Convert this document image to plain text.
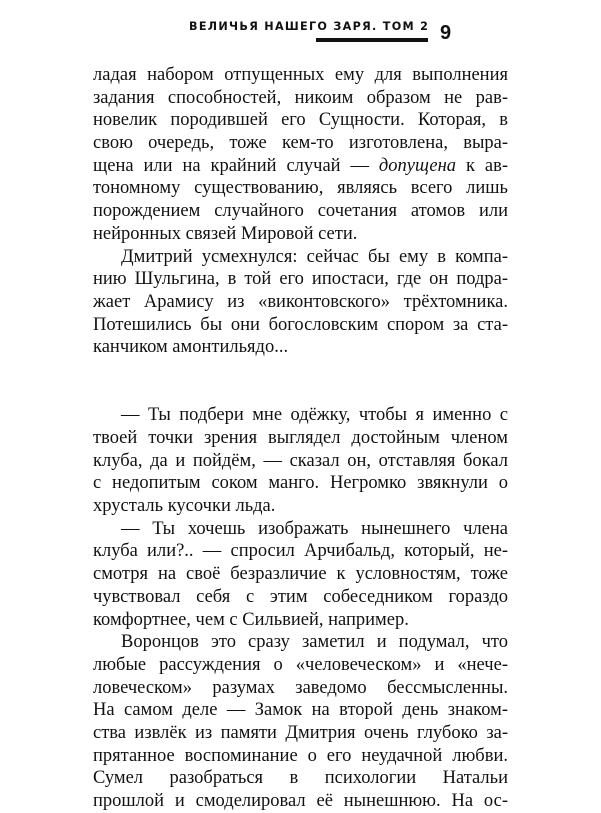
ВЕЛИЧЬЯ НАШЕГО ЗАРЯ. ТОМ 2 9
ладая набором отпущенных ему для выполнения
задания способностей, никоим образом не рав-
новелик породившей его Сущности. Которая, в
свою очередь, тоже кем-то изготовлена, выра-
щена или на крайний случай — допущена к ав-
тономному существованию, являясь всего лишь
порождением случайного сочетания атомов или
нейронных связей Мировой сети.
Дмитрий усмехнулся: сейчас бы ему в компа-
нию Шульгина, в той его ипостаси, где он подра-
жает Арамису из «виконтовского» трёхтомника.
Потешились бы они богословским спором за ста-
канчиком амонтильядо...
— Ты подбери мне одёжку, чтобы я именно с
твоей точки зрения выглядел достойным членом
клуба, да и пойдём, — сказал он, отставляя бокал
с недопитым соком манго. Негромко звякнули о
хрусталь кусочки льда.
— Ты хочешь изображать нынешнего члена
клуба или?.. — спросил Арчибальд, который, не-
смотря на своё безразличие к условностям, тоже
чувствовал себя с этим собеседником гораздо
комфортнее, чем с Сильвией, например.
Воронцов это сразу заметил и подумал, что
любые рассуждения о «человеческом» и «нече-
ловеческом» разумах заведомо бессмысленны.
На самом деле — Замок на второй день знаком-
ства извлёк из памяти Дмитрия очень глубоко за-
прятанное воспоминание о его неудачной любви.
Сумел разобраться в психологии Натальи
прошлой и смоделировал её нынешнюю. На ос-
